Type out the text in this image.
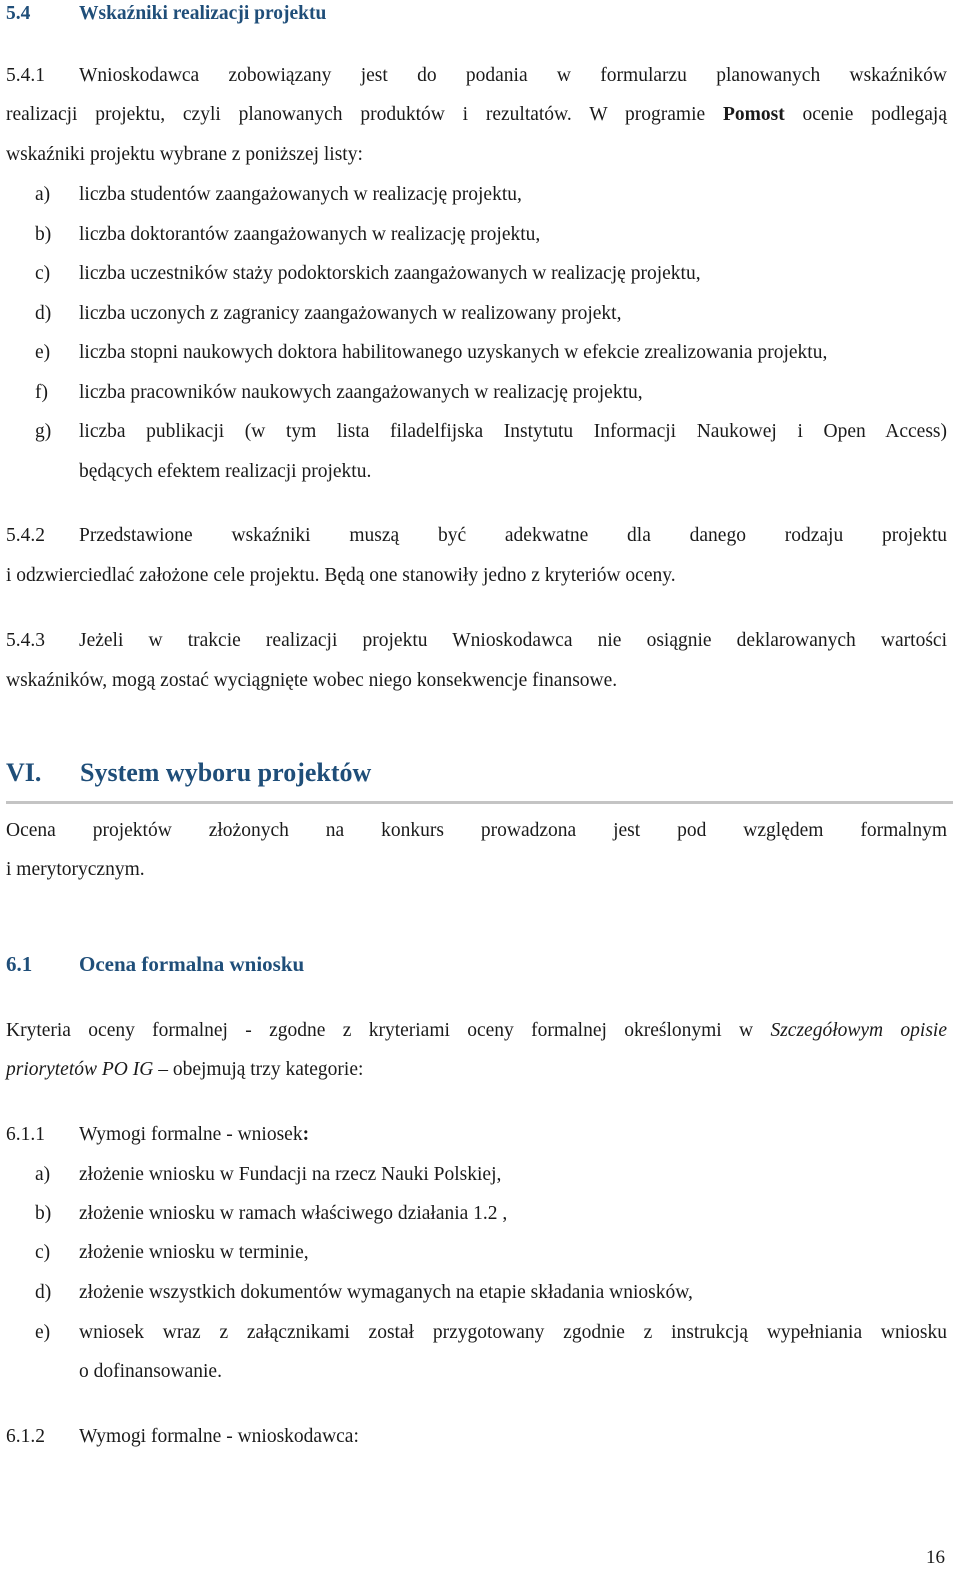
5.4 Wskaźniki realizacji projektu
5.4.1 Wnioskodawca zobowiązany jest do podania w formularzu planowanych wskaźników
realizacji projektu, czyli planowanych produktów i rezultatów. W programie Pomost ocenie podlegają
wskaźniki projektu wybrane z poniższej listy:
a) liczba studentów zaangażowanych w realizację projektu,
b) liczba doktorantów zaangażowanych w realizację projektu,
c) liczba uczestników staży podoktorskich zaangażowanych w realizację projektu,
d) liczba uczonych z zagranicy zaangażowanych w realizowany projekt,
e) liczba stopni naukowych doktora habilitowanego uzyskanych w efekcie zrealizowania projektu,
f) liczba pracowników naukowych zaangażowanych w realizację projektu,
g) liczba publikacji (w tym lista filadelfijska Instytutu Informacji Naukowej i Open Access)
będących efektem realizacji projektu.
5.4.2 Przedstawione wskaźniki muszą być adekwatne dla danego rodzaju projektu
i odzwierciedlać założone cele projektu. Będą one stanowiły jedno z kryteriów oceny.
5.4.3 Jeżeli w trakcie realizacji projektu Wnioskodawca nie osiągnie deklarowanych wartości
wskaźników, mogą zostać wyciągnięte wobec niego konsekwencje finansowe.
VI. System wyboru projektów
Ocena projektów złożonych na konkurs prowadzona jest pod względem formalnym
i merytorycznym.
6.1 Ocena formalna wniosku
Kryteria oceny formalnej - zgodne z kryteriami oceny formalnej określonymi w Szczegółowym opisie
priorytetów PO IG – obejmują trzy kategorie:
6.1.1 Wymogi formalne - wniosek:
a) złożenie wniosku w Fundacji na rzecz Nauki Polskiej,
b) złożenie wniosku w ramach właściwego działania 1.2 ,
c) złożenie wniosku w terminie,
d) złożenie wszystkich dokumentów wymaganych na etapie składania wniosków,
e) wniosek wraz z załącznikami został przygotowany zgodnie z instrukcją wypełniania wniosku
o dofinansowanie.
6.1.2 Wymogi formalne - wnioskodawca:
16
